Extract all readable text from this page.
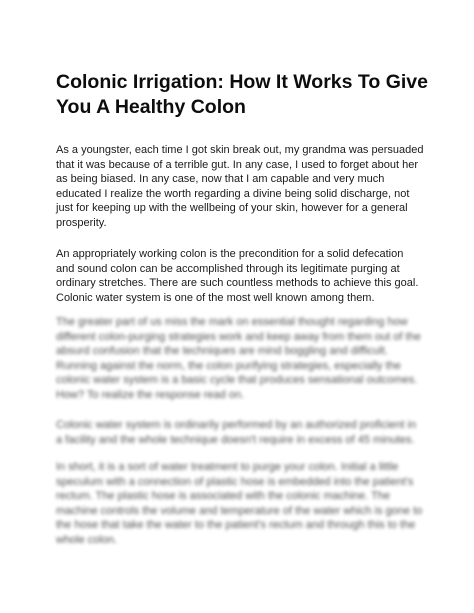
Colonic Irrigation: How It Works To Give
You A Healthy Colon

As a youngster, each time I got skin break out, my grandma was persuaded
that it was because of a terrible gut. In any case, I used to forget about her
as being biased. In any case, now that I am capable and very much
educated I realize the worth regarding a divine being solid discharge, not
just for keeping up with the wellbeing of your skin, however for a general
prosperity.

An appropriately working colon is the precondition for a solid defecation
and sound colon can be accomplished through its legitimate purging at
ordinary stretches. There are such countless methods to achieve this goal.
Colonic water system is one of the most well known among them.

The greater part of us miss the mark on essential thought regarding how
different colon-purging strategies work and keep away from them out of the
absurd confusion that the techniques are mind boggling and difficult.
Running against the norm, the colon purifying strategies, especially the
colonic water system is a basic cycle that produces sensational outcomes.
How? To realize the response read on.

Colonic water system is ordinarily performed by an authorized proficient in
a facility and the whole technique doesn't require in excess of 45 minutes.

In short, it is a sort of water treatment to purge your colon. Initial a little
speculum with a connection of plastic hose is embedded into the patient's
rectum. The plastic hose is associated with the colonic machine. The
machine controls the volume and temperature of the water which is gone to
the hose that take the water to the patient's rectum and through this to the
whole colon.
